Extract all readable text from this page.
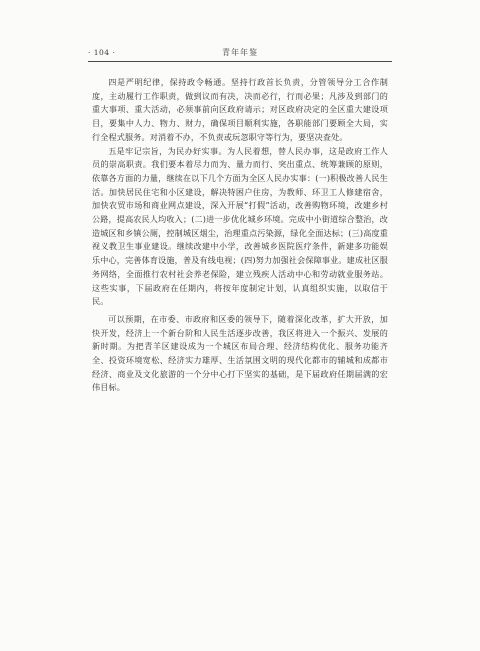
· 104 ·	青年年鉴

四是严明纪律，保持政令畅通。坚持行政首长负责，分管领导分工合作制度，主动履行工作职责，做到议而有决，决而必行，行而必果；凡涉及到部门的重大事项、重大活动，必须事前向区政府请示；对区政府决定的全区重大建设项目，要集中人力、物力、财力，确保项目顺利实施，各职能部门要顾全大局，实行全程式服务。对消着不办，不负责或玩忽职守等行为，要坚决查处。

五是牢记宗旨，为民办好实事。为人民着想，替人民办事，这是政府工作人员的崇高职责。我们要本着尽力而为、量力而行、突出重点、统筹兼顾的原则，依靠各方面的力量，继续在以下几个方面为全区人民办实事：(一)积极改善人民生活。加快居民住宅和小区建设，解决特困户住房，为教师、环卫工人修建宿舍，加快农贸市场和商业网点建设，深入开展“打假”活动，改善购物环境，改建乡村公路，提高农民人均收入；(二)进一步优化城乡环境。完成中小街道综合整治，改造城区和乡镇公厕，控制城区烟尘，治理重点污染源，绿化全面达标；(三)高度重视义教卫生事业建设。继续改建中小学，改善城乡医院医疗条件，新建多功能娱乐中心，完善体育设施，普及有线电视；(四)努力加强社会保障事业。建成社区服务网络，全面推行农村社会养老保险，建立残疾人活动中心和劳动就业服务站。这些实事，下届政府在任期内，将按年度制定计划，认真组织实施，以取信于民。

可以预期，在市委、市政府和区委的领导下，随着深化改革，扩大开放，加快开发，经济上一个新台阶和人民生活逐步改善，我区将进入一个振兴、发展的新时期。为把青羊区建设成为一个城区布局合理、经济结构优化、服务功能齐全、投资环境宽松、经济实力雄厚、生活氛围文明的现代化都市的辅城和成都市经济、商业及文化旅游的一个分中心打下坚实的基础，是下届政府任期届满的宏伟目标。
